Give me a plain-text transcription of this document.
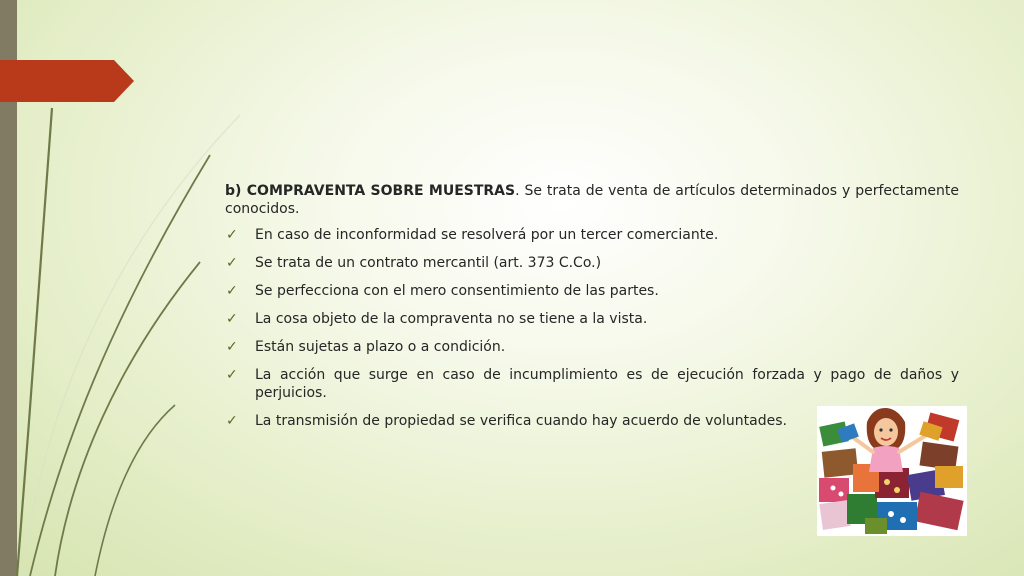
b) COMPRAVENTA SOBRE MUESTRAS. Se trata de venta de artículos determinados y perfectamente conocidos.

✓ En caso de inconformidad se resolverá por un tercer comerciante.
✓ Se trata de un contrato mercantil (art. 373 C.Co.)
✓ Se perfecciona con el mero consentimiento de las partes.
✓ La cosa objeto de la compraventa no se tiene a la vista.
✓ Están sujetas a plazo o a condición.
✓ La acción que surge en caso de incumplimiento es de ejecución forzada y pago de daños y perjuicios.
✓ La transmisión de propiedad se verifica cuando hay acuerdo de voluntades.
